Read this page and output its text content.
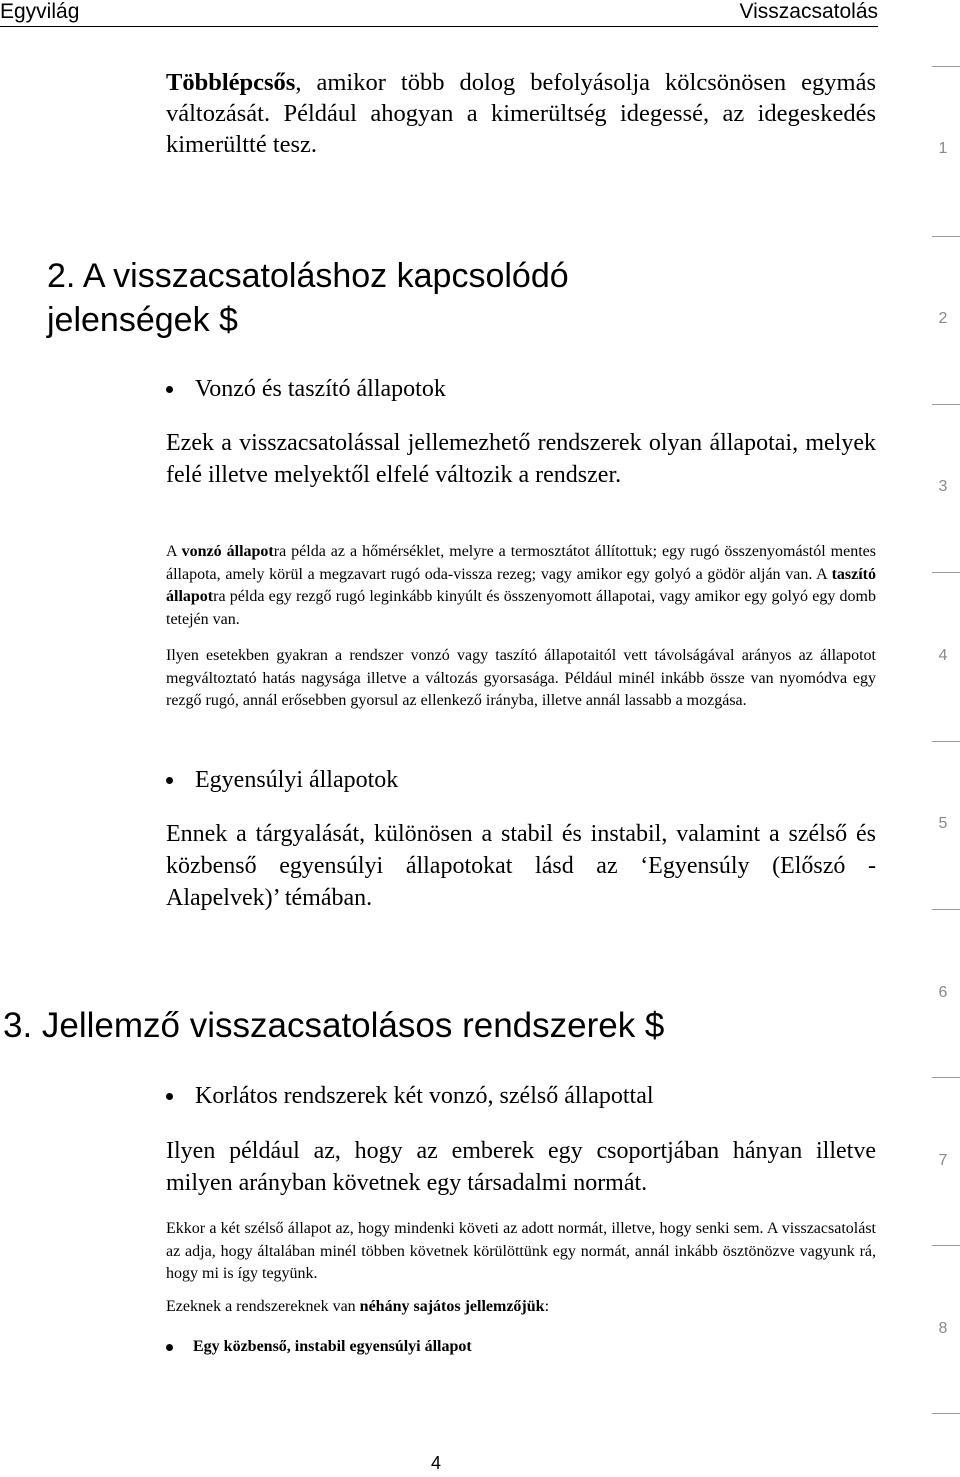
Egyvilág	Visszacsatolás
Többlépcsős, amikor több dolog befolyásolja kölcsönösen egymás változását. Például ahogyan a kimerültség idegessé, az idegeskedés kimerültté tesz.
2. A visszacsatoláshoz kapcsolódó
jelenségek $
Vonzó és taszító állapotok
Ezek a visszacsatolással jellemezhető rendszerek olyan állapotai, melyek felé illetve melyektől elfelé változik a rendszer.
A vonzó állapotra példa az a hőmérséklet, melyre a termosztátot állítottuk; egy rugó összenyomástól mentes állapota, amely körül a megzavart rugó oda-vissza rezeg; vagy amikor egy golyó a gödör alján van. A taszító állapotra példa egy rezgő rugó leginkább kinyúlt és összenyomott állapotai, vagy amikor egy golyó egy domb tetején van.
Ilyen esetekben gyakran a rendszer vonzó vagy taszító állapotaitól vett távolságával arányos az állapotot megváltoztató hatás nagysága illetve a változás gyorsasága. Például minél inkább össze van nyomódva egy rezgő rugó, annál erősebben gyorsul az ellenkező irányba, illetve annál lassabb a mozgása.
Egyensúlyi állapotok
Ennek a tárgyalását, különösen a stabil és instabil, valamint a szélső és közbenső egyensúlyi állapotokat lásd az ‘Egyensúly (Előszó - Alapelvek)’ témában.
3. Jellemző visszacsatolásos rendszerek $
Korlátos rendszerek két vonzó, szélső állapottal
Ilyen például az, hogy az emberek egy csoportjában hányan illetve milyen arányban követnek egy társadalmi normát.
Ekkor a két szélső állapot az, hogy mindenki követi az adott normát, illetve, hogy senki sem. A visszacsatolást az adja, hogy általában minél többen követnek körülöttünk egy normát, annál inkább ösztönözve vagyunk rá, hogy mi is így tegyünk.
Ezeknek a rendszereknek van néhány sajátos jellemzőjük:
Egy közbenső, instabil egyensúlyi állapot
1
2
3
4
5
6
7
8
4
